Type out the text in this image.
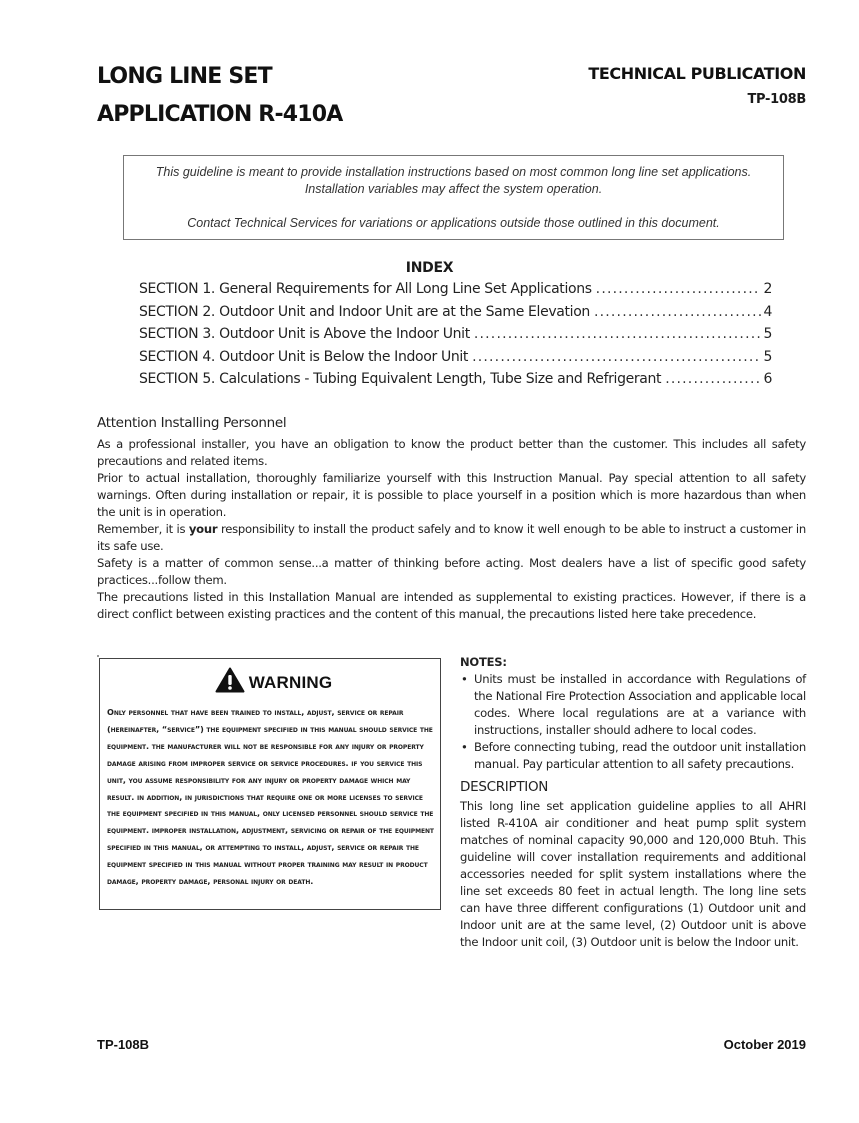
LONG LINE SET
APPLICATION R-410A
TECHNICAL PUBLICATION
TP-108B

This guideline is meant to provide installation instructions based on most common long line set applications.

Installation variables may affect the system operation.

Contact Technical Services for variations or applications outside those outlined in this document.

INDEX
SECTION 1. General Requirements for All Long Line Set Applications .....	2
SECTION 2. Outdoor Unit and Indoor Unit are at the Same Elevation .....	4
SECTION 3. Outdoor Unit is Above the Indoor Unit .....	5
SECTION 4. Outdoor Unit is Below the Indoor Unit .....	5
SECTION 5. Calculations - Tubing Equivalent Length, Tube Size and Refrigerant .....	6
Attention Installing Personnel

As a professional installer, you have an obligation to know the product better than the customer. This includes all safety precautions and related items.

Prior to actual installation, thoroughly familiarize yourself with this Instruction Manual. Pay special attention to all safety warnings. Often during installation or repair, it is possible to place yourself in a position which is more hazardous than when the unit is in operation.

Remember, it is your responsibility to install the product safely and to know it well enough to be able to instruct a customer in its safe use.

Safety is a matter of common sense...a matter of thinking before acting. Most dealers have a list of specific good safety practices...follow them.

The precautions listed in this Installation Manual are intended as supplemental to existing practices. However, if there is a direct conflict between existing practices and the content of this manual, the precautions listed here take precedence.

WARNING
Only personnel that have been trained to install, adjust, service or repair (hereinafter, “service”) the equipment specified in this manual should service the equipment. the manufacturer will not be responsible for any injury or property damage arising from improper service or service procedures. if you service this unit, you assume responsibility for any injury or property damage which may result. in addition, in jurisdictions that require one or more licenses to service the equipment specified in this manual, only licensed personnel should service the equipment. improper installation, adjustment, servicing or repair of the equipment specified in this manual, or attempting to install, adjust, service or repair the equipment specified in this manual without proper training may result in product damage, property damage, personal injury or death.
NOTES:
• Units must be installed in accordance with Regulations of the National Fire Protection Association and applicable local codes. Where local regulations are at a variance with instructions, installer should adhere to local codes.
• Before connecting tubing, read the outdoor unit installation manual. Pay particular attention to all safety precautions.
DESCRIPTION
This long line set application guideline applies to all AHRI listed R-410A air conditioner and heat pump split system matches of nominal capacity 90,000 and 120,000 Btuh. This guideline will cover installation requirements and additional accessories needed for split system installations where the line set exceeds 80 feet in actual length. The long line sets can have three different configurations (1) Outdoor unit and Indoor unit are at the same level, (2) Outdoor unit is above the Indoor unit coil, (3) Outdoor unit is below the Indoor unit.
TP-108B	October 2019
